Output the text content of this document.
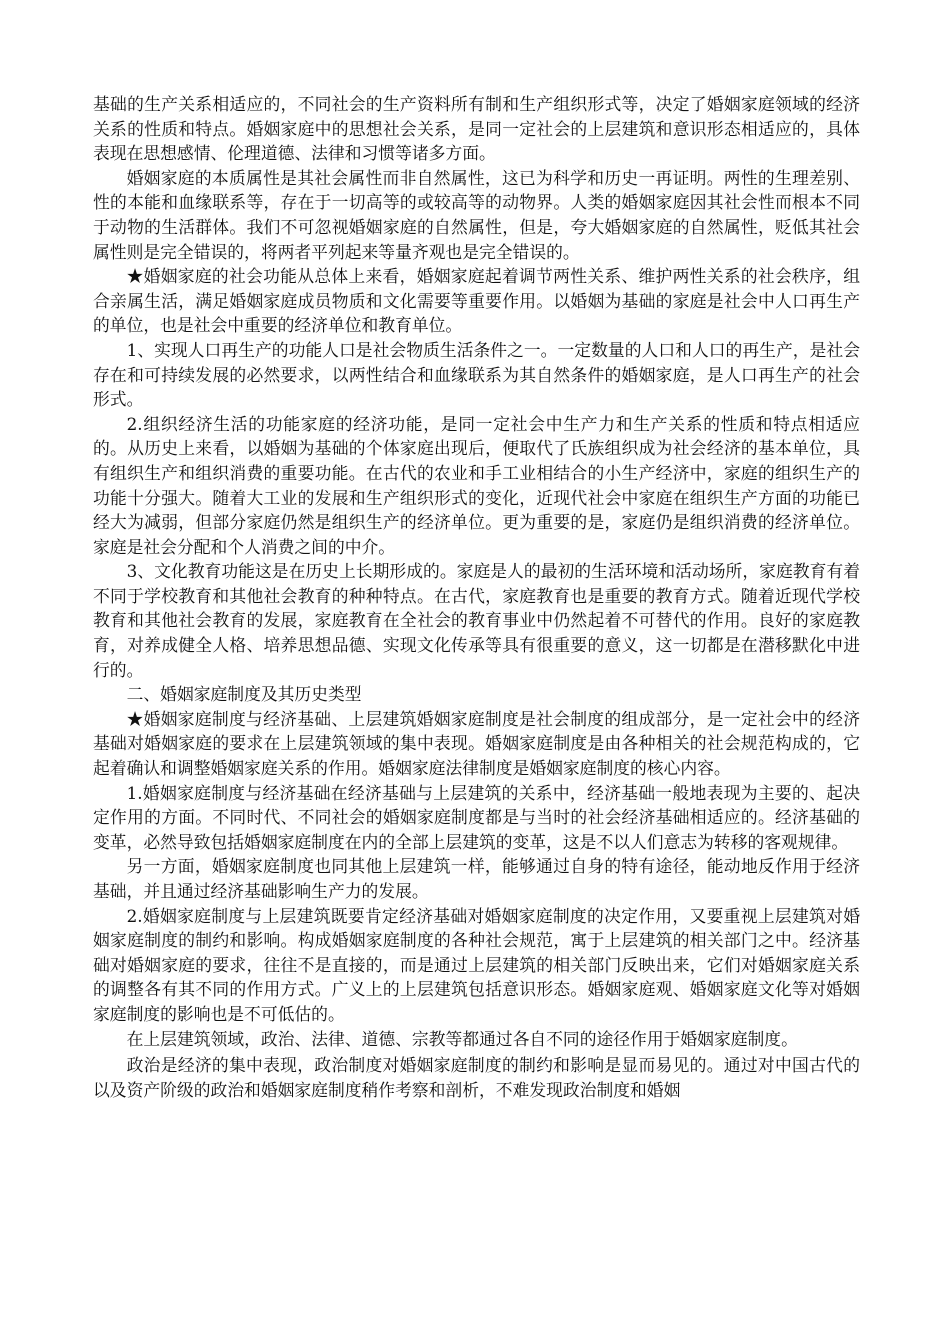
基础的生产关系相适应的，不同社会的生产资料所有制和生产组织形式等，决定了婚姻家庭领域的经济关系的性质和特点。婚姻家庭中的思想社会关系，是同一定社会的上层建筑和意识形态相适应的，具体表现在思想感情、伦理道德、法律和习惯等诸多方面。

婚姻家庭的本质属性是其社会属性而非自然属性，这已为科学和历史一再证明。两性的生理差别、性的本能和血缘联系等，存在于一切高等的或较高等的动物界。人类的婚姻家庭因其社会性而根本不同于动物的生活群体。我们不可忽视婚姻家庭的自然属性，但是，夸大婚姻家庭的自然属性，贬低其社会属性则是完全错误的，将两者平列起来等量齐观也是完全错误的。

★婚姻家庭的社会功能从总体上来看，婚姻家庭起着调节两性关系、维护两性关系的社会秩序，组合亲属生活，满足婚姻家庭成员物质和文化需要等重要作用。以婚姻为基础的家庭是社会中人口再生产的单位，也是社会中重要的经济单位和教育单位。

1、实现人口再生产的功能人口是社会物质生活条件之一。一定数量的人口和人口的再生产，是社会存在和可持续发展的必然要求，以两性结合和血缘联系为其自然条件的婚姻家庭，是人口再生产的社会形式。

2.组织经济生活的功能家庭的经济功能，是同一定社会中生产力和生产关系的性质和特点相适应的。从历史上来看，以婚姻为基础的个体家庭出现后，便取代了氏族组织成为社会经济的基本单位，具有组织生产和组织消费的重要功能。在古代的农业和手工业相结合的小生产经济中，家庭的组织生产的功能十分强大。随着大工业的发展和生产组织形式的变化，近现代社会中家庭在组织生产方面的功能已经大为减弱，但部分家庭仍然是组织生产的经济单位。更为重要的是，家庭仍是组织消费的经济单位。家庭是社会分配和个人消费之间的中介。

3、文化教育功能这是在历史上长期形成的。家庭是人的最初的生活环境和活动场所，家庭教育有着不同于学校教育和其他社会教育的种种特点。在古代，家庭教育也是重要的教育方式。随着近现代学校教育和其他社会教育的发展，家庭教育在全社会的教育事业中仍然起着不可替代的作用。良好的家庭教育，对养成健全人格、培养思想品德、实现文化传承等具有很重要的意义，这一切都是在潜移默化中进行的。

二、婚姻家庭制度及其历史类型

★婚姻家庭制度与经济基础、上层建筑婚姻家庭制度是社会制度的组成部分，是一定社会中的经济基础对婚姻家庭的要求在上层建筑领域的集中表现。婚姻家庭制度是由各种相关的社会规范构成的，它起着确认和调整婚姻家庭关系的作用。婚姻家庭法律制度是婚姻家庭制度的核心内容。

1.婚姻家庭制度与经济基础在经济基础与上层建筑的关系中，经济基础一般地表现为主要的、起决定作用的方面。不同时代、不同社会的婚姻家庭制度都是与当时的社会经济基础相适应的。经济基础的变革，必然导致包括婚姻家庭制度在内的全部上层建筑的变革，这是不以人们意志为转移的客观规律。

另一方面，婚姻家庭制度也同其他上层建筑一样，能够通过自身的特有途径，能动地反作用于经济基础，并且通过经济基础影响生产力的发展。

2.婚姻家庭制度与上层建筑既要肯定经济基础对婚姻家庭制度的决定作用，又要重视上层建筑对婚姻家庭制度的制约和影响。构成婚姻家庭制度的各种社会规范，寓于上层建筑的相关部门之中。经济基础对婚姻家庭的要求，往往不是直接的，而是通过上层建筑的相关部门反映出来，它们对婚姻家庭关系的调整各有其不同的作用方式。广义上的上层建筑包括意识形态。婚姻家庭观、婚姻家庭文化等对婚姻家庭制度的影响也是不可低估的。

在上层建筑领域，政治、法律、道德、宗教等都通过各自不同的途径作用于婚姻家庭制度。

政治是经济的集中表现，政治制度对婚姻家庭制度的制约和影响是显而易见的。通过对中国古代的以及资产阶级的政治和婚姻家庭制度稍作考察和剖析，不难发现政治制度和婚姻
